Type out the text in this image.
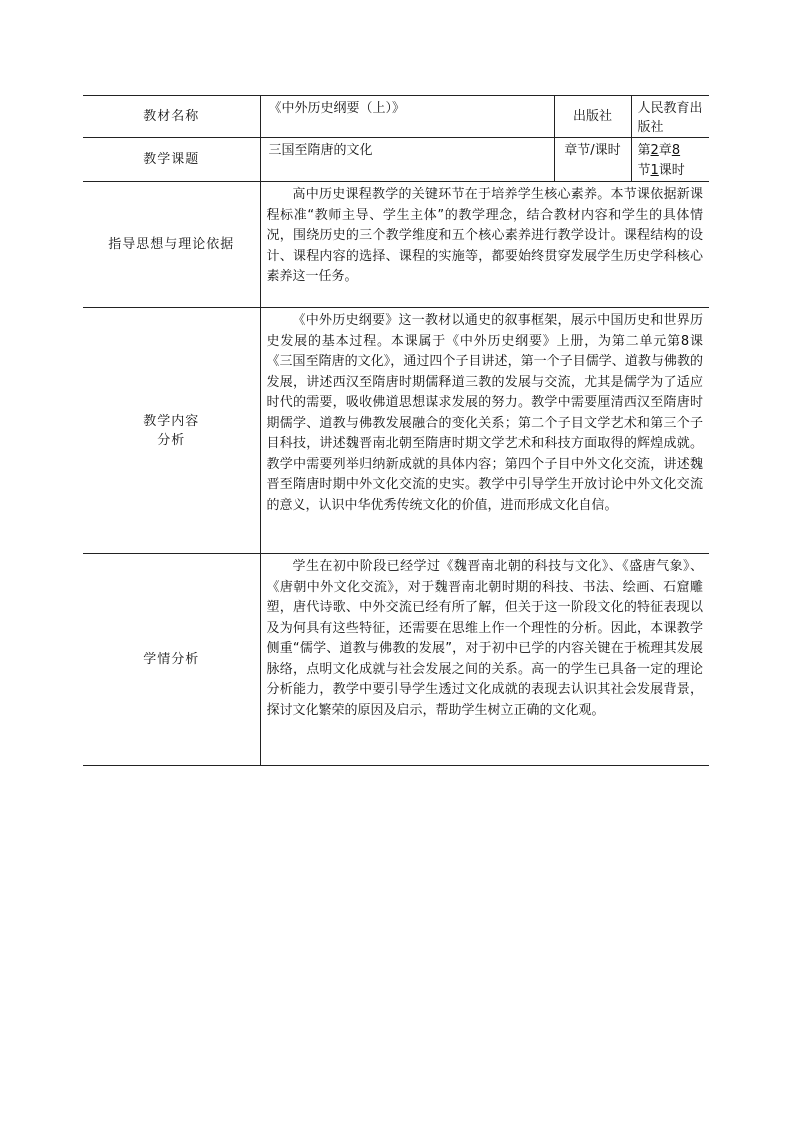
教材名称	《中外历史纲要（上）》	出版社	人民教育出版社
教学课题	三国至隋唐的文化	章节/课时	第2章8
节1课时
指导思想与理论依据	高中历史课程教学的关键环节在于培养学生核心素养。本节课依据新课程标准“教师主导、学生主体”的教学理念，结合教材内容和学生的具体情况，围绕历史的三个教学维度和五个核心素养进行教学设计。课程结构的设计、课程内容的选择、课程的实施等，都要始终贯穿发展学生历史学科核心素养这一任务。		

教学内容
分析	《中外历史纲要》这一教材以通史的叙事框架，展示中国历史和世界历史发展的基本过程。本课属于《中外历史纲要》上册，为第二单元第8课《三国至隋唐的文化》，通过四个子目讲述，第一个子目儒学、道教与佛教的发展，讲述西汉至隋唐时期儒释道三教的发展与交流，尤其是儒学为了适应时代的需要，吸收佛道思想谋求发展的努力。教学中需要厘清西汉至隋唐时期儒学、道教与佛教发展融合的变化关系；第二个子目文学艺术和第三个子目科技，讲述魏晋南北朝至隋唐时期文学艺术和科技方面取得的辉煌成就。教学中需要列举归纳新成就的具体内容；第四个子目中外文化交流，讲述魏晋至隋唐时期中外文化交流的史实。教学中引导学生开放讨论中外文化交流的意义，认识中华优秀传统文化的价值，进而形成文化自信。		

学情分析	学生在初中阶段已经学过《魏晋南北朝的科技与文化》、《盛唐气象》、《唐朝中外文化交流》，对于魏晋南北朝时期的科技、书法、绘画、石窟雕塑，唐代诗歌、中外交流已经有所了解，但关于这一阶段文化的特征表现以及为何具有这些特征，还需要在思维上作一个理性的分析。因此，本课教学侧重“儒学、道教与佛教的发展”，对于初中已学的内容关键在于梳理其发展脉络，点明文化成就与社会发展之间的关系。高一的学生已具备一定的理论分析能力，教学中要引导学生透过文化成就的表现去认识其社会发展背景，探讨文化繁荣的原因及启示，帮助学生树立正确的文化观。		
